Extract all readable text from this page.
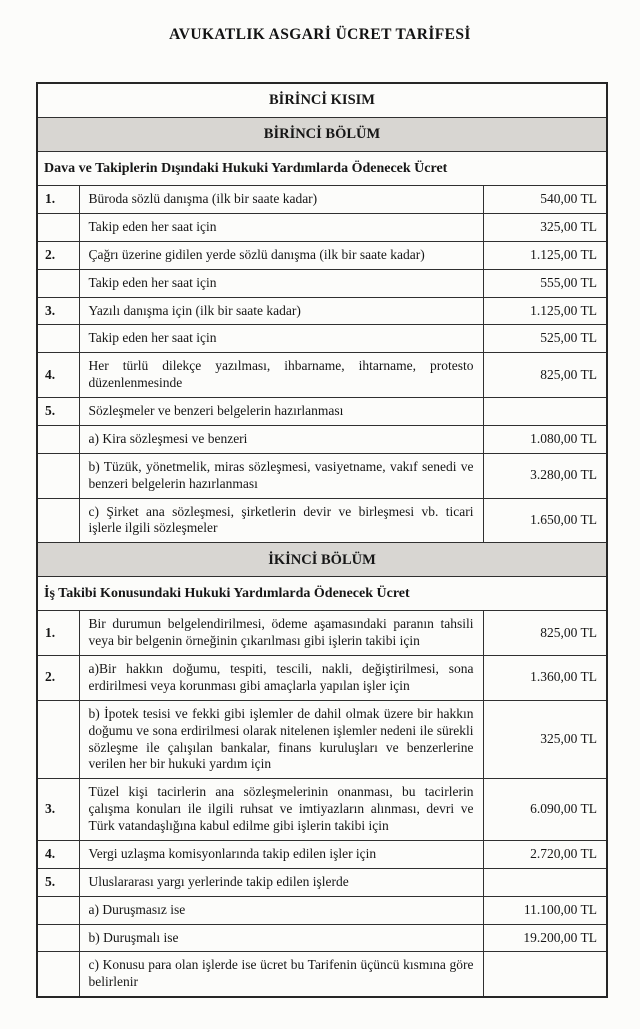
AVUKATLIK ASGARİ ÜCRET TARİFESİ
BİRİNCİ KISIM		
BİRİNCİ BÖLÜM		
Dava ve Takiplerin Dışındaki Hukuki Yardımlarda Ödenecek Ücret		
1.	Büroda sözlü danışma (ilk bir saate kadar)	540,00 TL
	Takip eden her saat için	325,00 TL
2.	Çağrı üzerine gidilen yerde sözlü danışma (ilk bir saate kadar)	1.125,00 TL
	Takip eden her saat için	555,00 TL
3.	Yazılı danışma için (ilk bir saate kadar)	1.125,00 TL
	Takip eden her saat için	525,00 TL
4.	Her türlü dilekçe yazılması, ihbarname, ihtarname, protesto düzenlenmesinde	825,00 TL
5.	Sözleşmeler ve benzeri belgelerin hazırlanması	
	a) Kira sözleşmesi ve benzeri	1.080,00 TL
	b) Tüzük, yönetmelik, miras sözleşmesi, vasiyetname, vakıf senedi ve benzeri belgelerin hazırlanması	3.280,00 TL
	c) Şirket ana sözleşmesi, şirketlerin devir ve birleşmesi vb. ticari işlerle ilgili sözleşmeler	1.650,00 TL
İKİNCİ BÖLÜM		
İş Takibi Konusundaki Hukuki Yardımlarda Ödenecek Ücret		
1.	Bir durumun belgelendirilmesi, ödeme aşamasındaki paranın tahsili veya bir belgenin örneğinin çıkarılması gibi işlerin takibi için	825,00 TL
2.	a)Bir hakkın doğumu, tespiti, tescili, nakli, değiştirilmesi, sona erdirilmesi veya korunması gibi amaçlarla yapılan işler için	1.360,00 TL
	b) İpotek tesisi ve fekki gibi işlemler de dahil olmak üzere bir hakkın doğumu ve sona erdirilmesi olarak nitelenen işlemler nedeni ile sürekli sözleşme ile çalışılan bankalar, finans kuruluşları ve benzerlerine verilen her bir hukuki yardım için	325,00 TL
3.	Tüzel kişi tacirlerin ana sözleşmelerinin onanması, bu tacirlerin çalışma konuları ile ilgili ruhsat ve imtiyazların alınması, devri ve Türk vatandaşlığına kabul edilme gibi işlerin takibi için	6.090,00 TL
4.	Vergi uzlaşma komisyonlarında takip edilen işler için	2.720,00 TL
5.	Uluslararası yargı yerlerinde takip edilen işlerde	
	a) Duruşmasız ise	11.100,00 TL
	b) Duruşmalı ise	19.200,00 TL
	c) Konusu para olan işlerde ise ücret bu Tarifenin üçüncü kısmına göre belirlenir	
